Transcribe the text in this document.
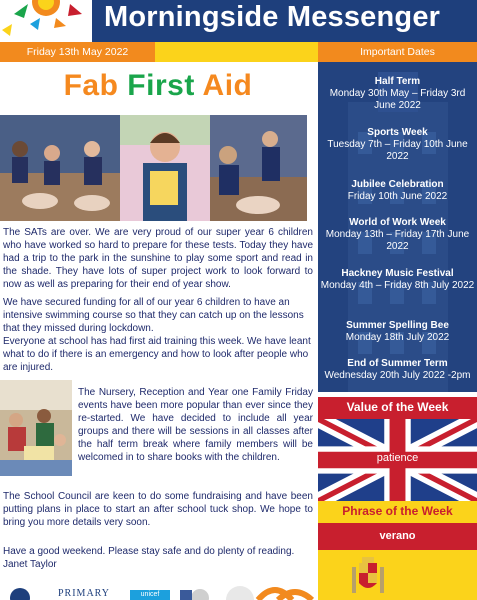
Morningside Messenger
Friday 13th May 2022	Important Dates
Fab First Aid

The SATs are over. We are very proud of our super year 6 children who have worked so hard to prepare for these tests. Today they have had a trip to the park in the sunshine to play some sport and read in the shade. They have lots of super project work to look forward to now as well as preparing for their end of year show.

We have secured funding for all of our year 6 children to have an intensive swimming course so that they can catch up on the lessons that they missed during lockdown.
Everyone at school has had first aid training this week. We have leant what to do if there is an emergency and how to look after people who are injured.

The Nursery, Reception and Year one Family Friday events have been more popular than ever since they re-started. We have decided to include all year groups and there will be sessions in all classes after the half term break where family members will be welcomed in to share books with the children.

The School Council are keen to do some fundraising and have been putting plans in place to start an after school tuck shop. We hope to bring you more details very soon.

Have a good weekend. Please stay safe and do plenty of reading.
Janet Taylor
Half Term
Monday 30th May – Friday 3rd June 2022
Sports Week
Tuesday 7th – Friday 10th June 2022
Jubilee Celebration
Friday 10th June 2022
World of Work Week
Monday 13th – Friday 17th June 2022
Hackney Music Festival
Monday 4th – Friday 8th July 2022
Summer Spelling Bee
Monday 18th July 2022
End of Summer Term
Wednesday 20th July 2022 -2pm
Value of the Week
patience
Phrase of the Week
verano
PRIMARY	unicef
